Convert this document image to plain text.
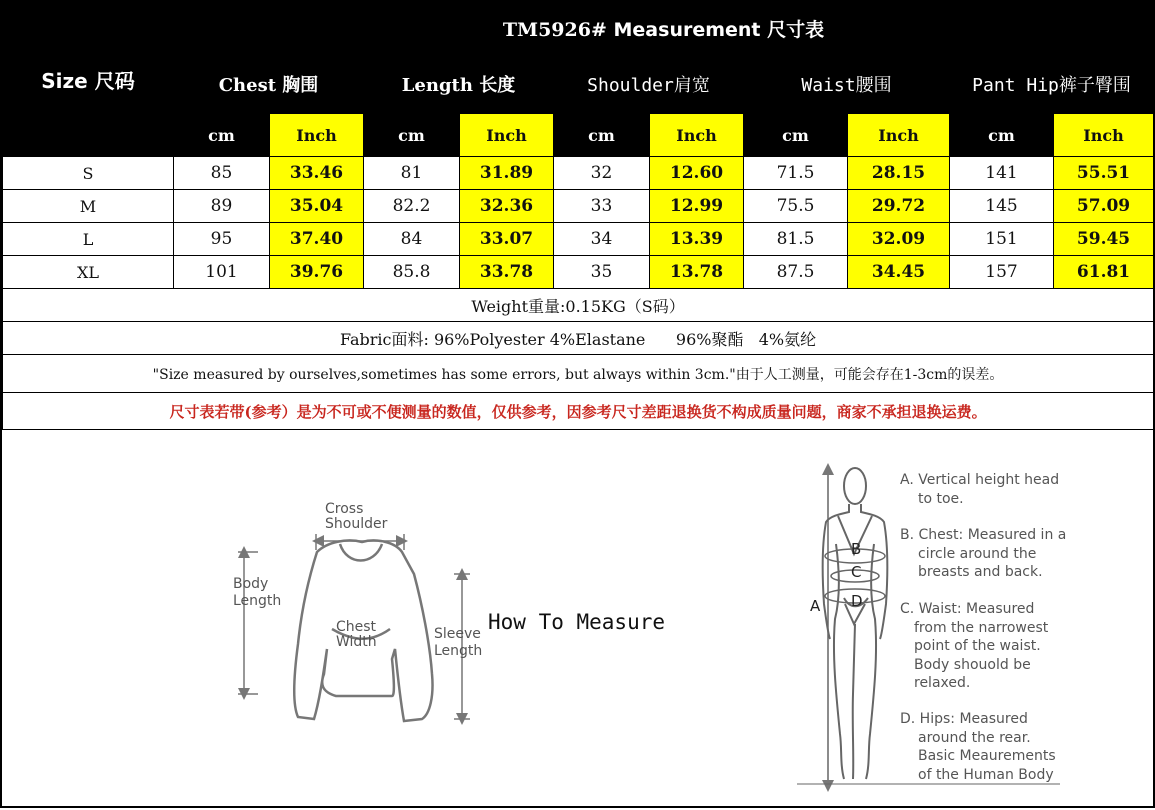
Size 尺码	TM5926# Measurement 尺寸表									
	Chest 胸围		Length 长度		Shoulder肩宽		Waist腰围		Pant Hip裤子臀围	
	cm	Inch	cm	Inch	cm	Inch	cm	Inch	cm	Inch
S	85	33.46	81	31.89	32	12.60	71.5	28.15	141	55.51
M	89	35.04	82.2	32.36	33	12.99	75.5	29.72	145	57.09
L	95	37.40	84	33.07	34	13.39	81.5	32.09	151	59.45
XL	101	39.76	85.8	33.78	35	13.78	87.5	34.45	157	61.81
Weight重量:0.15KG（S码）										
Fabric面料: 96%Polyester 4%Elastane      96%聚酯   4%氨纶										
"Size measured by ourselves,sometimes has some errors, but always within 3cm."由于人工测量，可能会存在1-3cm的误差。										
尺寸表若带(参考）是为不可或不便测量的数值，仅供参考，因参考尺寸差距退换货不构成质量问题，商家不承担退换运费。										
Cross
Shoulder
Body
Length
Chest
Width	Sleeve
Length
A
B
C
D
How To Measure
A. Vertical height head
to toe.
B. Chest: Measured in a
circle around the
breasts and back.
C. Waist: Measured
from the narrowest
point of the waist.
Body shouold be
relaxed.
D. Hips: Measured
around the rear.
Basic Meaurements
of the Human Body
